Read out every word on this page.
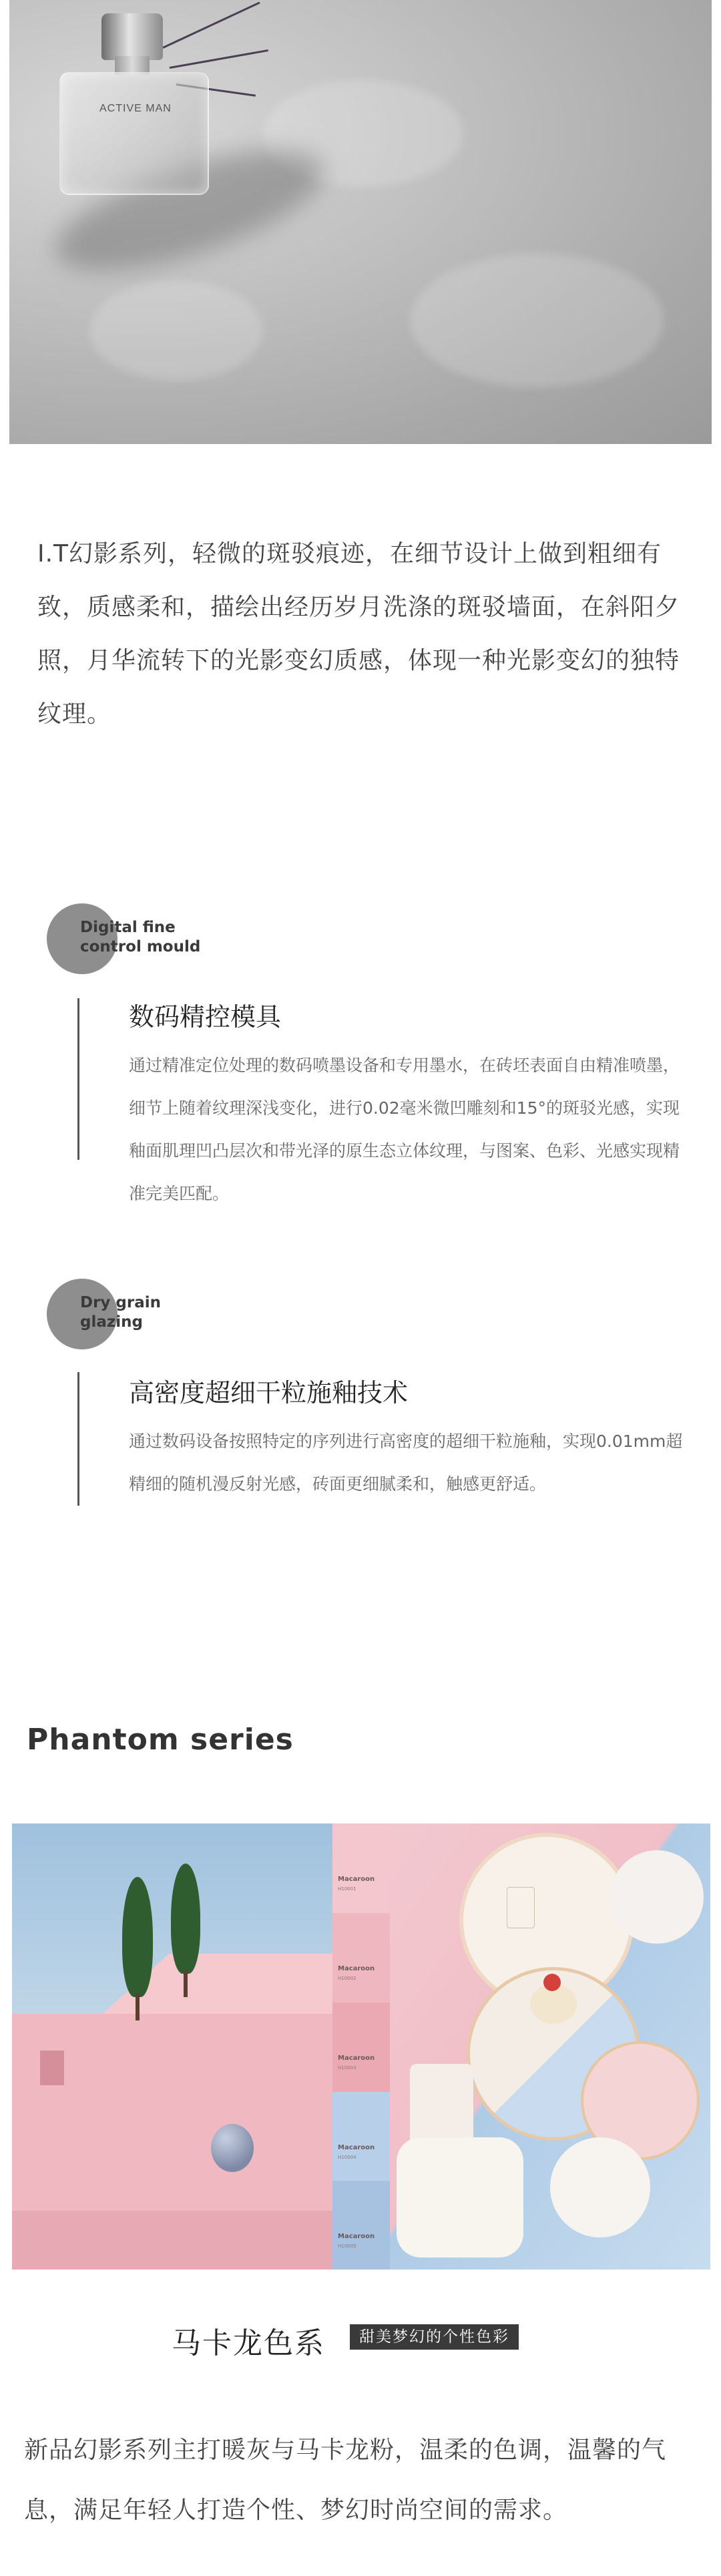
ACTIVE MAN
I.T幻影系列，轻微的斑驳痕迹，在细节设计上做到粗细有致，质感柔和，描绘出经历岁月洗涤的斑驳墙面，在斜阳夕照，月华流转下的光影变幻质感，体现一种光影变幻的独特纹理。
Digital fine
control mould
数码精控模具
通过精准定位处理的数码喷墨设备和专用墨水，在砖坯表面自由精准喷墨，细节上随着纹理深浅变化，进行0.02毫米微凹雕刻和15°的斑驳光感，实现釉面肌理凹凸层次和带光泽的原生态立体纹理，与图案、色彩、光感实现精准完美匹配。
Dry grain
glazing
高密度超细干粒施釉技术
通过数码设备按照特定的序列进行高密度的超细干粒施釉，实现0.01mm超精细的随机漫反射光感，砖面更细腻柔和，触感更舒适。
Phantom series
Macaroon
H10001
Macaroon
H10002
Macaroon
H10003
Macaroon
H10004
Macaroon
H10005
马卡龙色系	甜美梦幻的个性色彩
新品幻影系列主打暖灰与马卡龙粉，温柔的色调，温馨的气息，满足年轻人打造个性、梦幻时尚空间的需求。
